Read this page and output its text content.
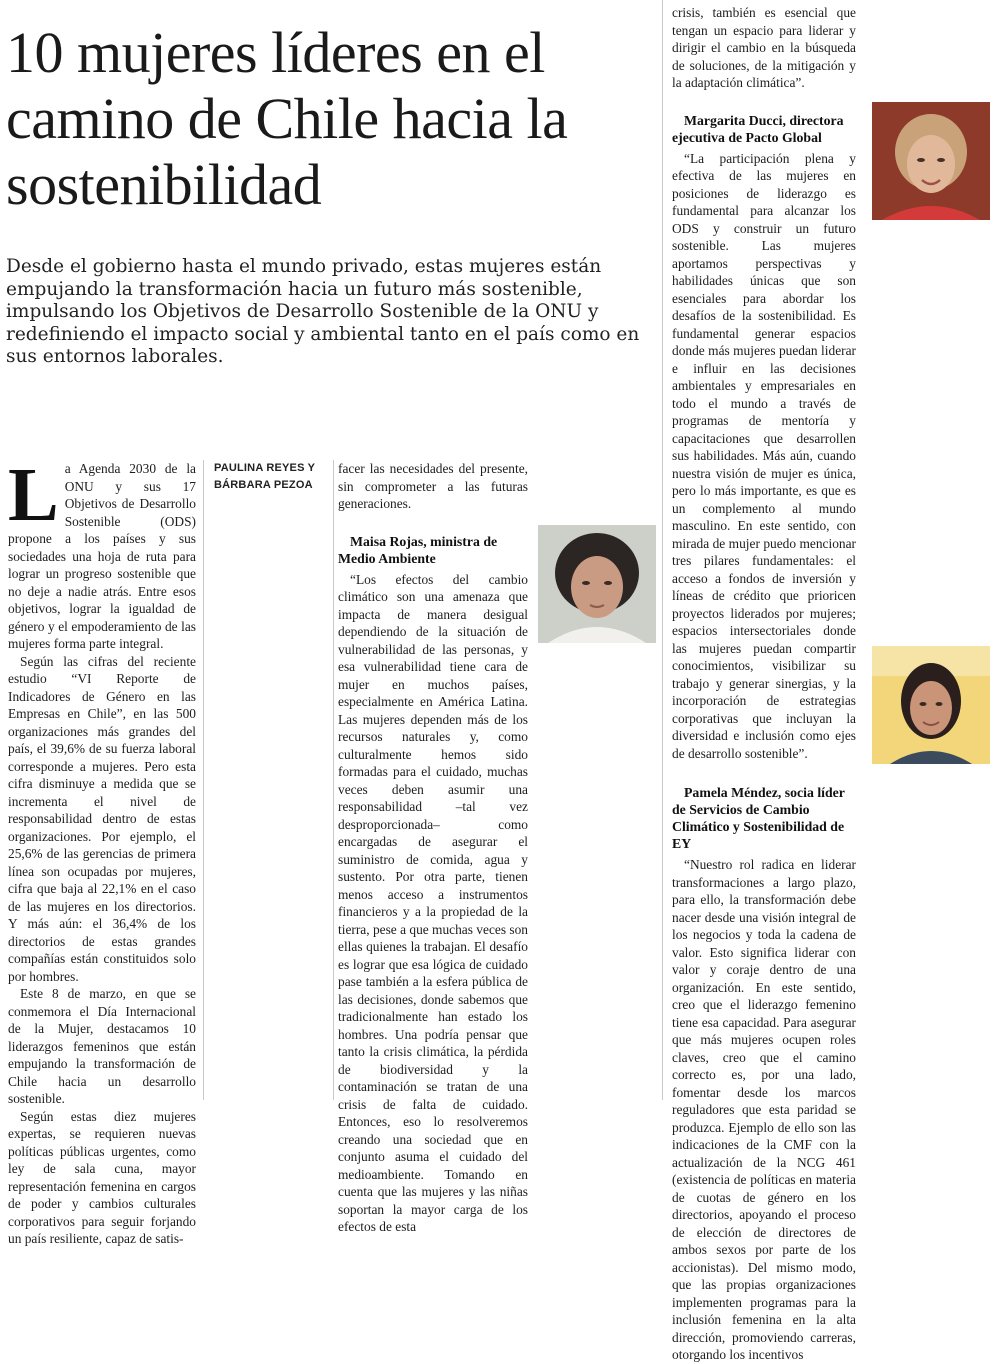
10 mujeres líderes en el camino de Chile hacia la sostenibilidad

Desde el gobierno hasta el mundo privado, estas mujeres están empujando la transformación hacia un futuro más sostenible, impulsando los Objetivos de Desarrollo Sostenible de la ONU y redefiniendo el impacto social y ambiental tanto en el país como en sus entornos laborales.

L a Agenda 2030 de la ONU y sus 17 Objetivos de Desarrollo Sostenible (ODS) propone a los países y sus sociedades una hoja de ruta para lograr un progreso sostenible que no deje a nadie atrás. Entre esos objetivos, lograr la igualdad de género y el empoderamiento de las mujeres forma parte integral.

Según las cifras del reciente estudio “VI Reporte de Indicadores de Género en las Empresas en Chile”, en las 500 organizaciones más grandes del país, el 39,6% de su fuerza laboral corresponde a mujeres. Pero esta cifra disminuye a medida que se incrementa el nivel de responsabilidad dentro de estas organizaciones. Por ejemplo, el 25,6% de las gerencias de primera línea son ocupadas por mujeres, cifra que baja al 22,1% en el caso de las mujeres en los directorios. Y más aún: el 36,4% de los directorios de estas grandes compañías están constituidos solo por hombres.

Este 8 de marzo, en que se conmemora el Día Internacional de la Mujer, destacamos 10 liderazgos femeninos que están empujando la transformación de Chile hacia un desarrollo sostenible.

Según estas diez mujeres expertas, se requieren nuevas políticas públicas urgentes, como ley de sala cuna, mayor representación femenina en cargos de poder y cambios culturales corporativos para seguir forjando un país resiliente, capaz de satis-

PAULINA REYES Y
BÁRBARA PEZOA

facer las necesidades del presente, sin comprometer a las futuras generaciones.

Maisa Rojas, ministra de Medio Ambiente

“Los efectos del cambio climático son una amenaza que impacta de manera desigual dependiendo de la situación de vulnerabilidad de las personas, y esa vulnerabilidad tiene cara de mujer en muchos países, especialmente en América Latina. Las mujeres dependen más de los recursos naturales y, como culturalmente hemos sido formadas para el cuidado, muchas veces deben asumir una responsabilidad –tal vez desproporcionada– como encargadas de asegurar el suministro de comida, agua y sustento. Por otra parte, tienen menos acceso a instrumentos financieros y a la propiedad de la tierra, pese a que muchas veces son ellas quienes la trabajan. El desafío es lograr que esa lógica de cuidado pase también a la esfera pública de las decisiones, donde sabemos que tradicionalmente han estado los hombres. Una podría pensar que tanto la crisis climática, la pérdida de biodiversidad y la contaminación se tratan de una crisis de falta de cuidado. Entonces, eso lo resolveremos creando una sociedad que en conjunto asuma el cuidado del medioambiente. Tomando en cuenta que las mujeres y las niñas soportan la mayor carga de los efectos de esta

crisis, también es esencial que tengan un espacio para liderar y dirigir el cambio en la búsqueda de soluciones, de la mitigación y la adaptación climática”.

Margarita Ducci, directora ejecutiva de Pacto Global

“La participación plena y efectiva de las mujeres en posiciones de liderazgo es fundamental para alcanzar los ODS y construir un futuro sostenible. Las mujeres aportamos perspectivas y habilidades únicas que son esenciales para abordar los desafíos de la sostenibilidad. Es fundamental generar espacios donde más mujeres puedan liderar e influir en las decisiones ambientales y empresariales en todo el mundo a través de programas de mentoría y capacitaciones que desarrollen sus habilidades. Más aún, cuando nuestra visión de mujer es única, pero lo más importante, es que es un complemento al mundo masculino. En este sentido, con mirada de mujer puedo mencionar tres pilares fundamentales: el acceso a fondos de inversión y líneas de crédito que prioricen proyectos liderados por mujeres; espacios intersectoriales donde las mujeres puedan compartir conocimientos, visibilizar su trabajo y generar sinergias, y la incorporación de estrategias corporativas que incluyan la diversidad e inclusión como ejes de desarrollo sostenible”.

Pamela Méndez, socia líder de Servicios de Cambio Climático y Sostenibilidad de EY

“Nuestro rol radica en liderar transformaciones a largo plazo, para ello, la transformación debe nacer desde una visión integral de los negocios y toda la cadena de valor. Esto significa liderar con valor y coraje dentro de una organización. En este sentido, creo que el liderazgo femenino tiene esa capacidad. Para asegurar que más mujeres ocupen roles claves, creo que el camino correcto es, por una lado, fomentar desde los marcos reguladores que esta paridad se produzca. Ejemplo de ello son las indicaciones de la CMF con la actualización de la NCG 461 (existencia de políticas en materia de cuotas de género en los directorios, apoyando el proceso de elección de directores de ambos sexos por parte de los accionistas). Del mismo modo, que las propias organizaciones implementen programas para la inclusión femenina en la alta dirección, promoviendo carreras, otorgando los incentivos
